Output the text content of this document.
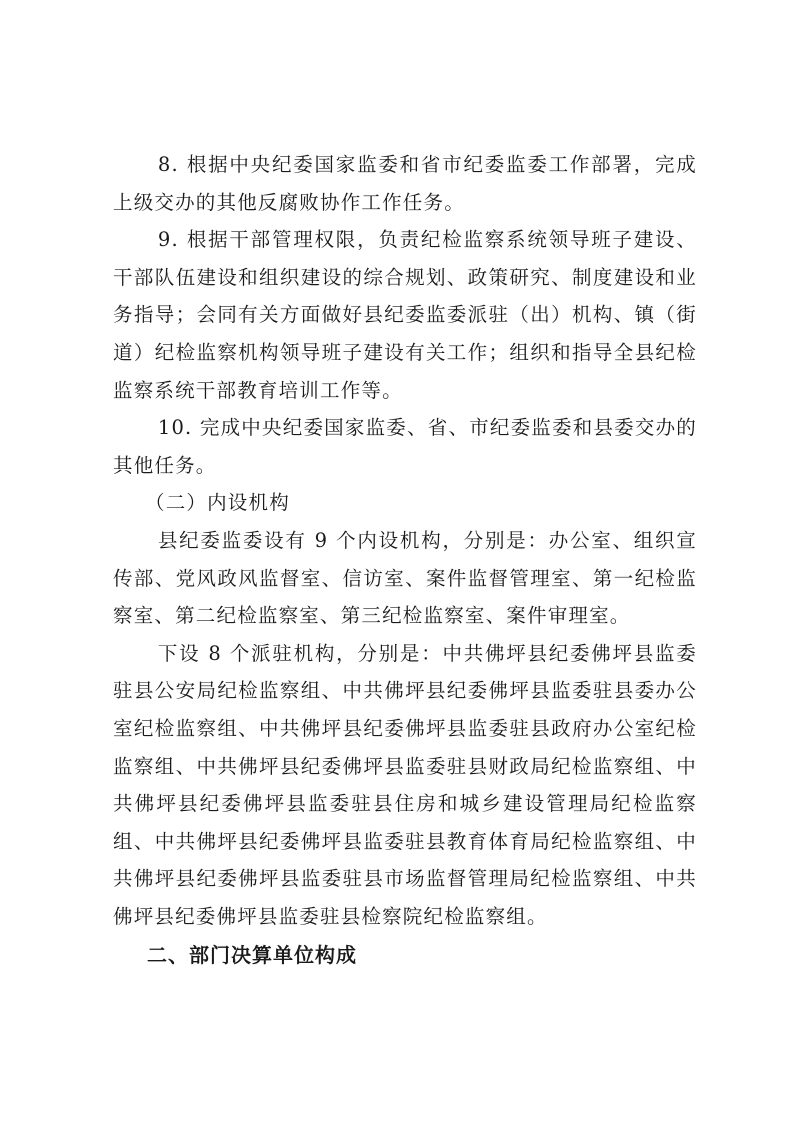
8. 根据中央纪委国家监委和省市纪委监委工作部署，完成上级交办的其他反腐败协作工作任务。

9. 根据干部管理权限，负责纪检监察系统领导班子建设、干部队伍建设和组织建设的综合规划、政策研究、制度建设和业务指导；会同有关方面做好县纪委监委派驻（出）机构、镇（街道）纪检监察机构领导班子建设有关工作；组织和指导全县纪检监察系统干部教育培训工作等。

10. 完成中央纪委国家监委、省、市纪委监委和县委交办的其他任务。

（二）内设机构

县纪委监委设有 9 个内设机构，分别是：办公室、组织宣传部、党风政风监督室、信访室、案件监督管理室、第一纪检监察室、第二纪检监察室、第三纪检监察室、案件审理室。

下设 8 个派驻机构，分别是：中共佛坪县纪委佛坪县监委驻县公安局纪检监察组、中共佛坪县纪委佛坪县监委驻县委办公室纪检监察组、中共佛坪县纪委佛坪县监委驻县政府办公室纪检监察组、中共佛坪县纪委佛坪县监委驻县财政局纪检监察组、中共佛坪县纪委佛坪县监委驻县住房和城乡建设管理局纪检监察组、中共佛坪县纪委佛坪县监委驻县教育体育局纪检监察组、中共佛坪县纪委佛坪县监委驻县市场监督管理局纪检监察组、中共佛坪县纪委佛坪县监委驻县检察院纪检监察组。

二、部门决算单位构成
